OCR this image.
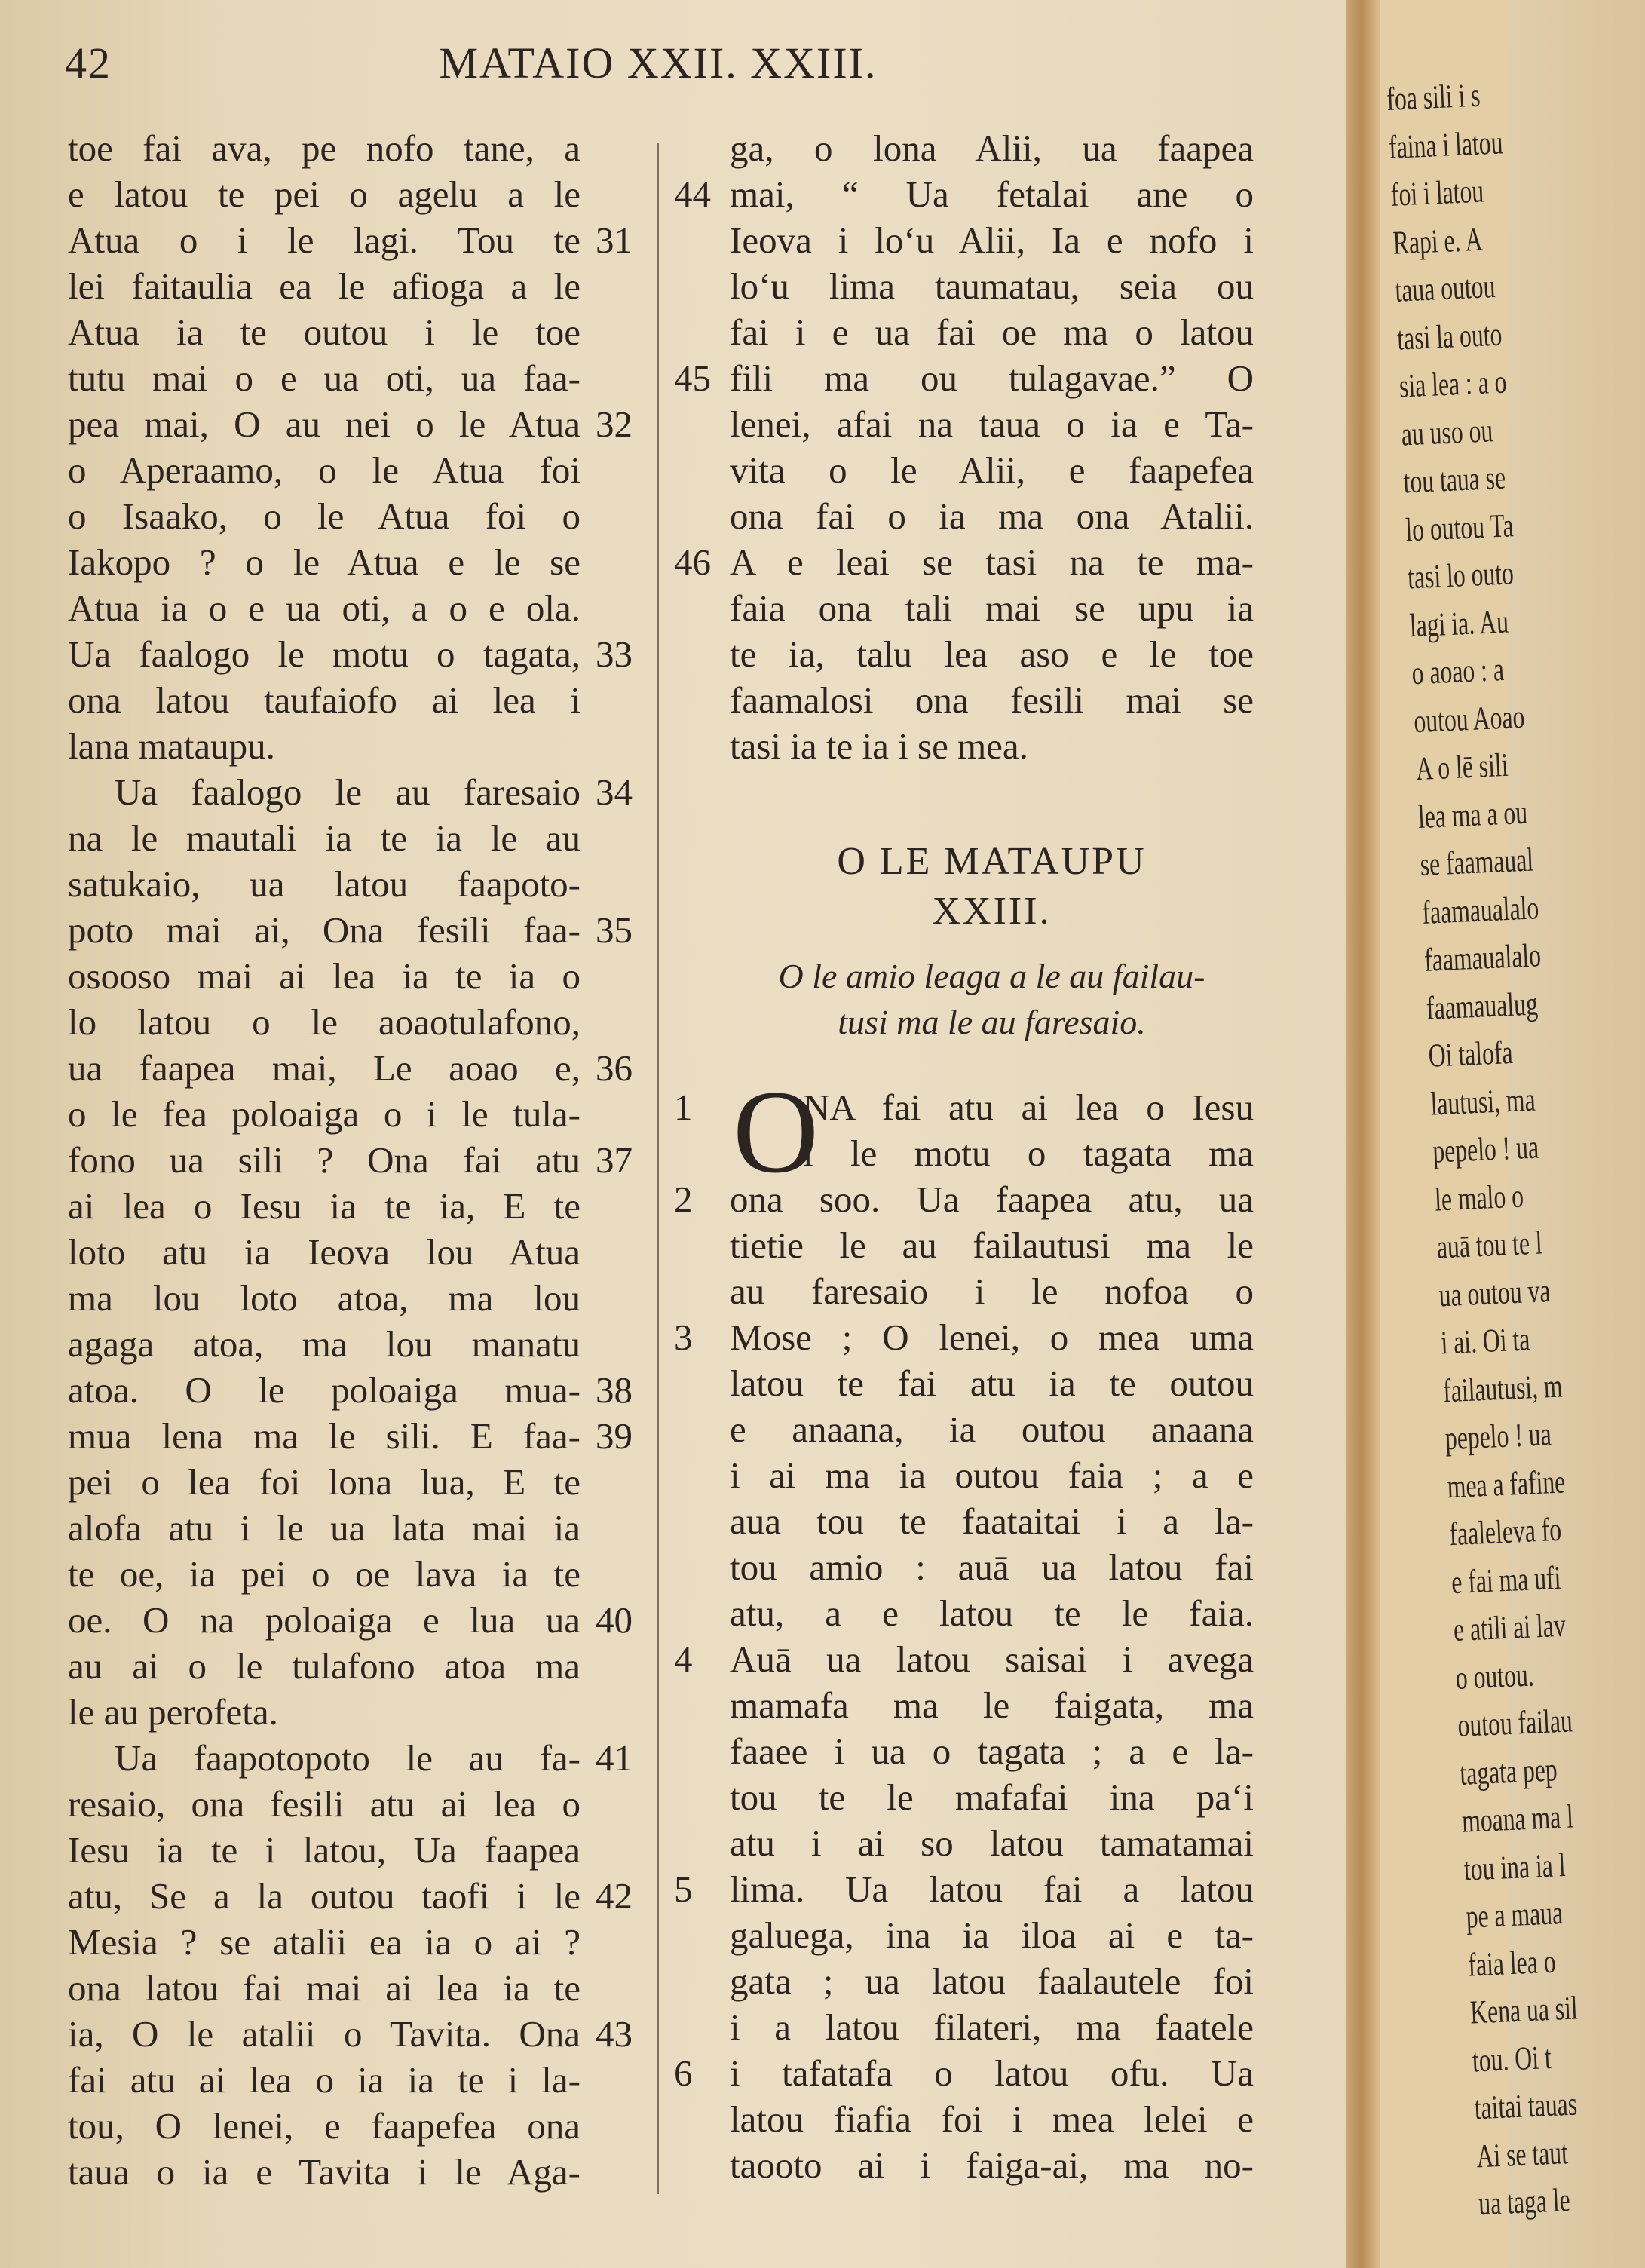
42	MATAIO XXII. XXIII.
toe fai ava, pe nofo tane, a
e latou te pei o agelu a le
Atua o i le lagi. Tou te 31
lei faitaulia ea le afioga a le
Atua ia te outou i le toe
tutu mai o e ua oti, ua faa-
pea mai, O au nei o le Atua 32
o Aperaamo, o le Atua foi
o Isaako, o le Atua foi o
Iakopo ? o le Atua e le se
Atua ia o e ua oti, a o e ola.
Ua faalogo le motu o tagata, 33
ona latou taufaiofo ai lea i
lana mataupu.
Ua faalogo le au faresaio 34
na le mautali ia te ia le au
satukaio, ua latou faapoto-
poto mai ai, Ona fesili faa- 35
osooso mai ai lea ia te ia o
lo latou o le aoaotulafono,
ua faapea mai, Le aoao e, 36
o le fea poloaiga o i le tula-
fono ua sili ? Ona fai atu 37
ai lea o Iesu ia te ia, E te
loto atu ia Ieova lou Atua
ma lou loto atoa, ma lou
agaga atoa, ma lou manatu
atoa. O le poloaiga mua- 38
mua lena ma le sili. E faa- 39
pei o lea foi lona lua, E te
alofa atu i le ua lata mai ia
te oe, ia pei o oe lava ia te
oe. O na poloaiga e lua ua 40
au ai o le tulafono atoa ma
le au perofeta.
Ua faapotopoto le au fa- 41
resaio, ona fesili atu ai lea o
Iesu ia te i latou, Ua faapea
atu, Se a la outou taofi i le 42
Mesia ? se atalii ea ia o ai ?
ona latou fai mai ai lea ia te
ia, O le atalii o Tavita. Ona 43
fai atu ai lea o ia ia te i la-
tou, O lenei, e faapefea ona
taua o ia e Tavita i le Aga-
ga, o lona Alii, ua faapea
mai, “ Ua fetalai ane o
44
Ieova i lo‘u Alii, Ia e nofo i
lo‘u lima taumatau, seia ou
fai i e ua fai oe ma o latou
fili ma ou tulagavae.” O
45
lenei, afai na taua o ia e Ta-
vita o le Alii, e faapefea
ona fai o ia ma ona Atalii.
A e leai se tasi na te ma-
46
faia ona tali mai se upu ia
te ia, talu lea aso e le toe
faamalosi ona fesili mai se
tasi ia te ia i se mea.
O LE MATAUPU
XXIII.
O le amio leaga a le au failau-
tusi ma le au faresaio.
O
NA fai atu ai lea o Iesu
1
i le motu o tagata ma
ona soo. Ua faapea atu, ua
2
tietie le au failautusi ma le
au faresaio i le nofoa o
Mose ; O lenei, o mea uma
3
latou te fai atu ia te outou
e anaana, ia outou anaana
i ai ma ia outou faia ; a e
aua tou te faataitai i a la-
tou amio : auā ua latou fai
atu, a e latou te le faia.
Auā ua latou saisai i avega
4
mamafa ma le faigata, ma
faaee i ua o tagata ; a e la-
tou te le mafafai ina pa‘i
atu i ai so latou tamatamai
lima. Ua latou fai a latou
5
galuega, ina ia iloa ai e ta-
gata ; ua latou faalautele foi
i a latou filateri, ma faatele
i tafatafa o latou ofu. Ua
6
latou fiafia foi i mea lelei e
taooto ai i faiga-ai, ma no-
foa sili i s
faina i latou
foi i latou
Rapi e. A
taua outou
tasi la outo
sia lea : a o
au uso ou
tou taua se
lo outou Ta
tasi lo outo
lagi ia. Au
o aoao : a
outou Aoao
A o lē sili
lea ma a ou
se faamaual
faamaualalo
faamaualalo
faamaualug
Oi talofa
lautusi, ma
pepelo ! ua
le malo o
auā tou te l
ua outou va
i ai. Oi ta
failautusi, m
pepelo ! ua
mea a fafine
faaleleva fo
e fai ma ufi
e atili ai lav
o outou.
outou failau
tagata pep
moana ma l
tou ina ia l
pe a maua
faia lea o
Kena ua sil
tou. Oi t
taitai tauas
Ai se taut
ua taga le
